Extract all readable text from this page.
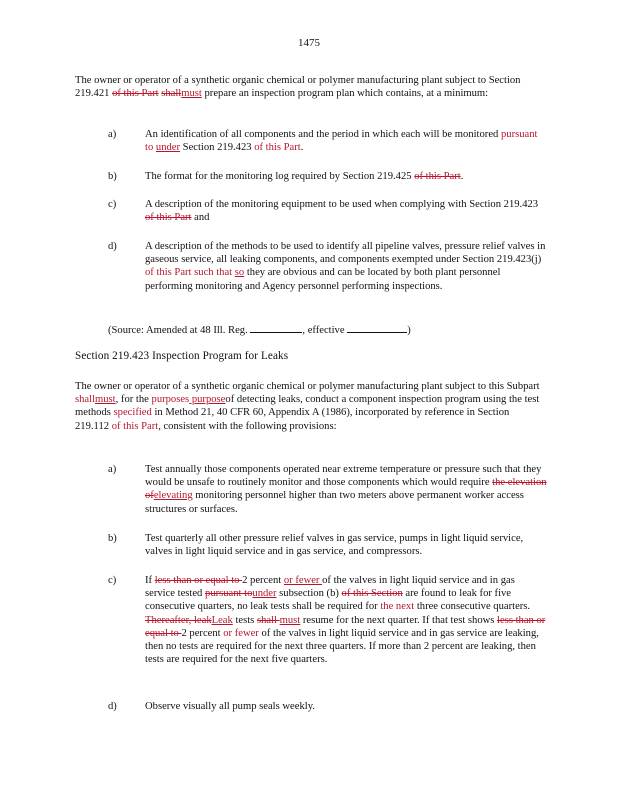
1475

The owner or operator of a synthetic organic chemical or polymer manufacturing plant subject to Section 219.421 of this Part shallmust prepare an inspection program plan which contains, at a minimum:

a)	An identification of all components and the period in which each will be monitored pursuant to under Section 219.423 of this Part.
b)	The format for the monitoring log required by Section 219.425 of this Part.
c)	A description of the monitoring equipment to be used when complying with Section 219.423 of this Part and
d)	A description of the methods to be used to identify all pipeline valves, pressure relief valves in gaseous service, all leaking components, and components exempted under Section 219.423(j) of this Part such that so they are obvious and can be located by both plant personnel performing monitoring and Agency personnel performing inspections.
(Source: Amended at 48 Ill. Reg.	, effective	)
Section 219.423 Inspection Program for Leaks

The owner or operator of a synthetic organic chemical or polymer manufacturing plant subject to this Subpart shallmust, for the purposes purposeof detecting leaks, conduct a component inspection program using the test methods specified in Method 21, 40 CFR 60, Appendix A (1986), incorporated by reference in Section 219.112 of this Part, consistent with the following provisions:

a)	Test annually those components operated near extreme temperature or pressure such that they would be unsafe to routinely monitor and those components which would require the elevation ofelevating monitoring personnel higher than two meters above permanent worker access structures or surfaces.
b)	Test quarterly all other pressure relief valves in gas service, pumps in light liquid service, valves in light liquid service and in gas service, and compressors.
c)	If less than or equal to 2 percent or fewer of the valves in light liquid service and in gas service tested pursuant tounder subsection (b) of this Section are found to leak for five consecutive quarters, no leak tests shall be required for the next three consecutive quarters. Thereafter, leakLeak tests shall must resume for the next quarter. If that test shows less than or equal to 2 percent or fewer of the valves in light liquid service and in gas service are leaking, then no tests are required for the next three quarters. If more than 2 percent are leaking, then tests are required for the next five quarters.
d)	Observe visually all pump seals weekly.
